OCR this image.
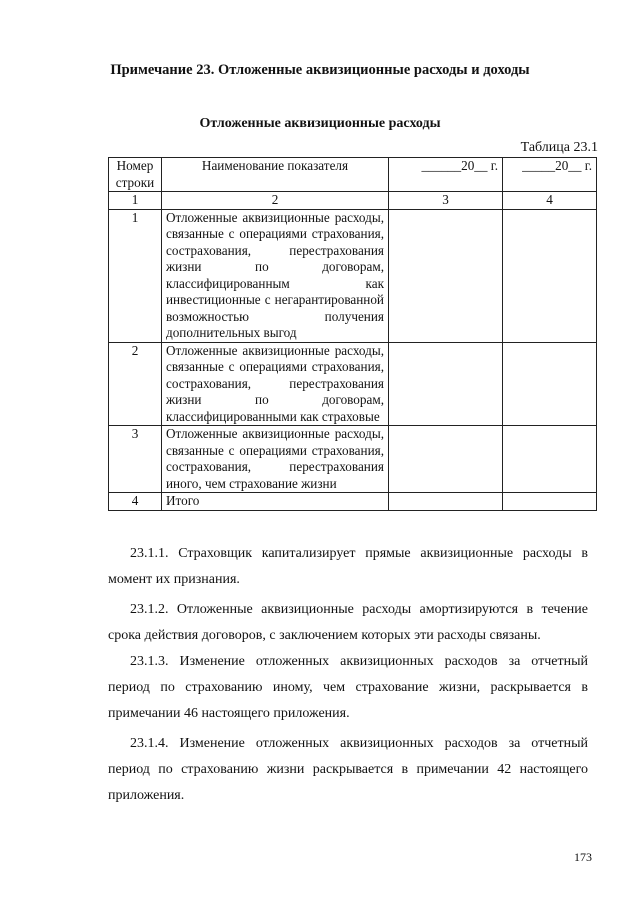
Примечание 23. Отложенные аквизиционные расходы и доходы
Отложенные аквизиционные расходы
Таблица 23.1
Номер строки	Наименование показателя	______20__ г.	_____20__ г.
1	2	3	4
1	Отложенные аквизиционные расходы, связанные с операциями страхования, сострахования, перестрахования жизни по договорам, классифицированным как инвестиционные с негарантированной возможностью получения дополнительных выгод		
2	Отложенные аквизиционные расходы, связанные с операциями страхования, сострахования, перестрахования жизни по договорам, классифицированными как страховые		
3	Отложенные аквизиционные расходы, связанные с операциями страхования, сострахования, перестрахования иного, чем страхование жизни		
4	Итого		
23.1.1. Страховщик капитализирует прямые аквизиционные расходы в момент их признания.
23.1.2. Отложенные аквизиционные расходы амортизируются в течение срока действия договоров, с заключением которых эти расходы связаны.
23.1.3. Изменение отложенных аквизиционных расходов за отчетный период по страхованию иному, чем страхование жизни, раскрывается в примечании 46 настоящего приложения.
23.1.4. Изменение отложенных аквизиционных расходов за отчетный период по страхованию жизни раскрывается в примечании 42 настоящего приложения.
173
